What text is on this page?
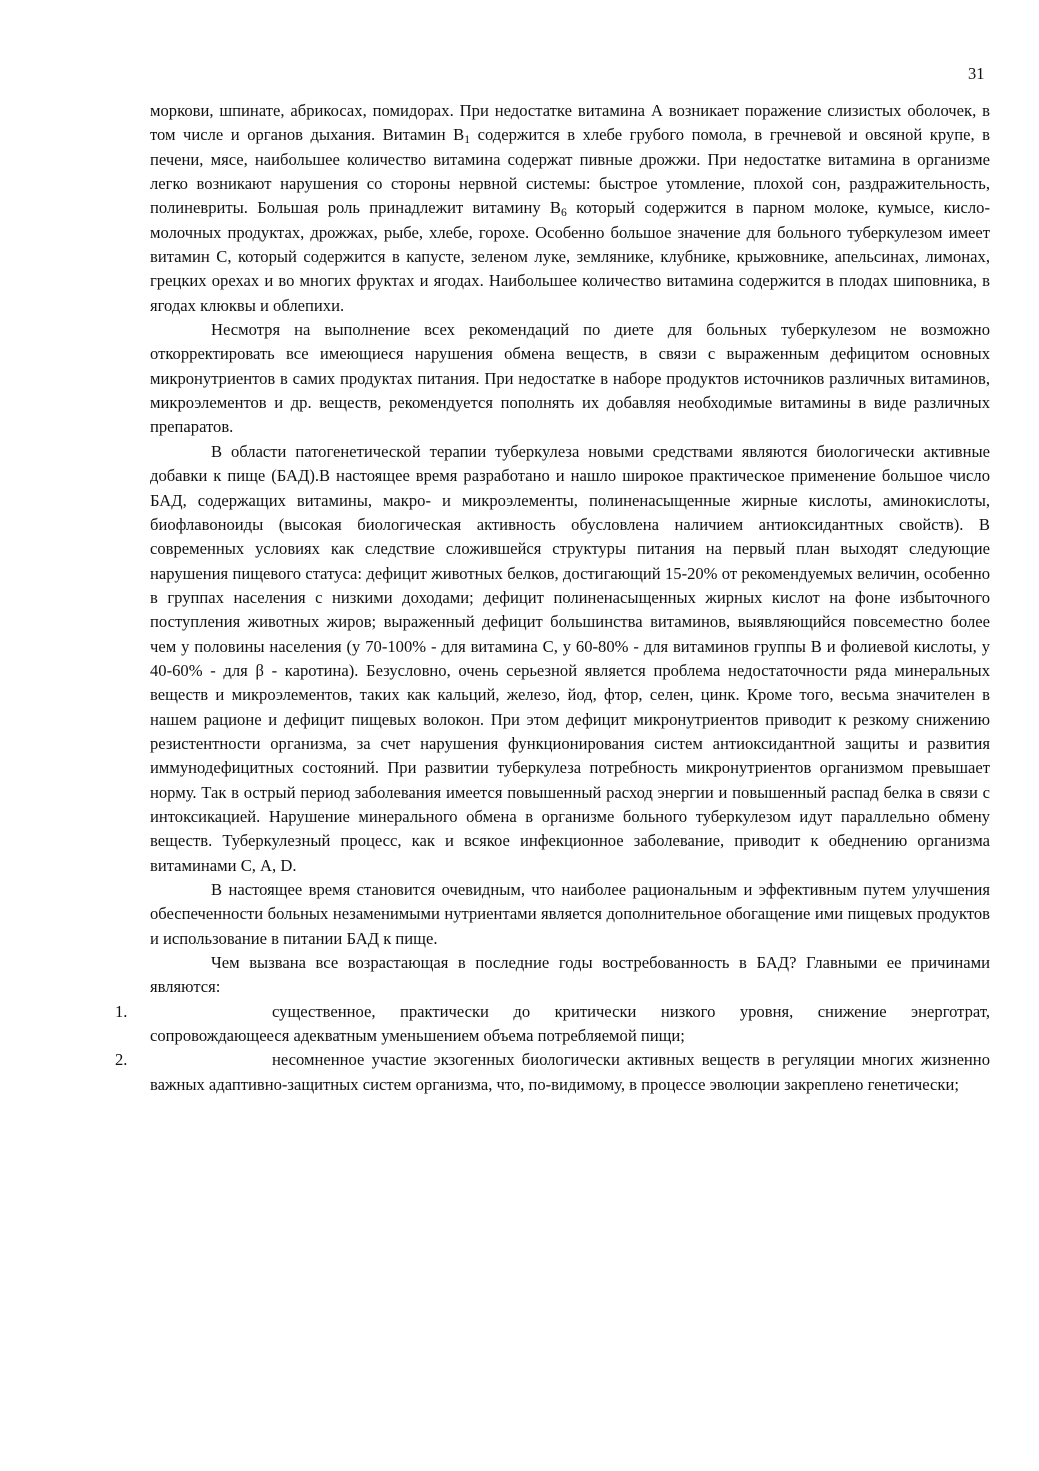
31

моркови, шпинате, абрикосах, помидорах. При недостатке витамина А возникает поражение слизистых оболочек, в том числе и органов дыхания. Витамин $В_1$ содержится в хлебе грубого помола, в гречневой и овсяной крупе, в печени, мясе, наибольшее количество витамина содержат пивные дрожжи. При недостатке витамина в организме легко возникают нарушения со стороны нервной системы: быстрое утомление, плохой сон, раздражительность, полиневриты. Большая роль принадлежит витамину $В_6$ который содержится в парном молоке, кумысе, кисло-молочных продуктах, дрожжах, рыбе, хлебе, горохе. Особенно большое значение для больного туберкулезом имеет витамин С, который содержится в капусте, зеленом луке, землянике, клубнике, крыжовнике, апельсинах, лимонах, грецких орехах и во многих фруктах и ягодах. Наибольшее количество витамина содержится в плодах шиповника, в ягодах клюквы и облепихи.

Несмотря на выполнение всех рекомендаций по диете для больных туберкулезом не возможно откорректировать все имеющиеся нарушения обмена веществ, в связи с выраженным дефицитом основных микронутриентов в самих продуктах питания. При недостатке в наборе продуктов источников различных витаминов, микроэлементов и др. веществ, рекомендуется пополнять их добавляя необходимые витамины в виде различных препаратов.

В области патогенетической терапии туберкулеза новыми средствами являются биологически активные добавки к пище (БАД).В настоящее время разработано и нашло широкое практическое применение большое число БАД, содержащих витамины, макро- и микроэлементы, полиненасыщенные жирные кислоты, аминокислоты, биофлавоноиды (высокая биологическая активность обусловлена наличием антиоксидантных свойств). В современных условиях как следствие сложившейся структуры питания на первый план выходят следующие нарушения пищевого статуса: дефицит животных белков, достигающий 15-20% от рекомендуемых величин, особенно в группах населения с низкими доходами; дефицит полиненасыщенных жирных кислот на фоне избыточного поступления животных жиров; выраженный дефицит большинства витаминов, выявляющийся повсеместно более чем у половины населения (у 70-100% - для витамина С, у 60-80% - для витаминов группы В и фолиевой кислоты, у 40-60% - для β - каротина). Безусловно, очень серьезной является проблема недостаточности ряда минеральных веществ и микроэлементов, таких как кальций, железо, йод, фтор, селен, цинк. Кроме того, весьма значителен в нашем рационе и дефицит пищевых волокон. При этом дефицит микронутриентов приводит к резкому снижению резистентности организма, за счет нарушения функционирования систем антиоксидантной защиты и развития иммунодефицитных состояний. При развитии туберкулеза потребность микронутриентов организмом превышает норму. Так в острый период заболевания имеется повышенный расход энергии и повышенный распад белка в связи с интоксикацией. Нарушение минерального обмена в организме больного туберкулезом идут параллельно обмену веществ. Туберкулезный процесс, как и всякое инфекционное заболевание, приводит к обеднению организма витаминами С, А, D.

В настоящее время становится очевидным, что наиболее рациональным и эффективным путем улучшения обеспеченности больных незаменимыми нутриентами является дополнительное обогащение ими пищевых продуктов и использование в питании БАД к пище.

Чем вызвана все возрастающая в последние годы востребованность в БАД? Главными ее причинами являются:

1.	существенное, практически до критически низкого уровня, снижение энерготрат, сопровождающееся адекватным уменьшением объема потребляемой пищи;

2.	несомненное участие экзогенных биологически активных веществ в регуляции многих жизненно важных адаптивно-защитных систем организма, что, по-видимому, в процессе эволюции закреплено генетически;
